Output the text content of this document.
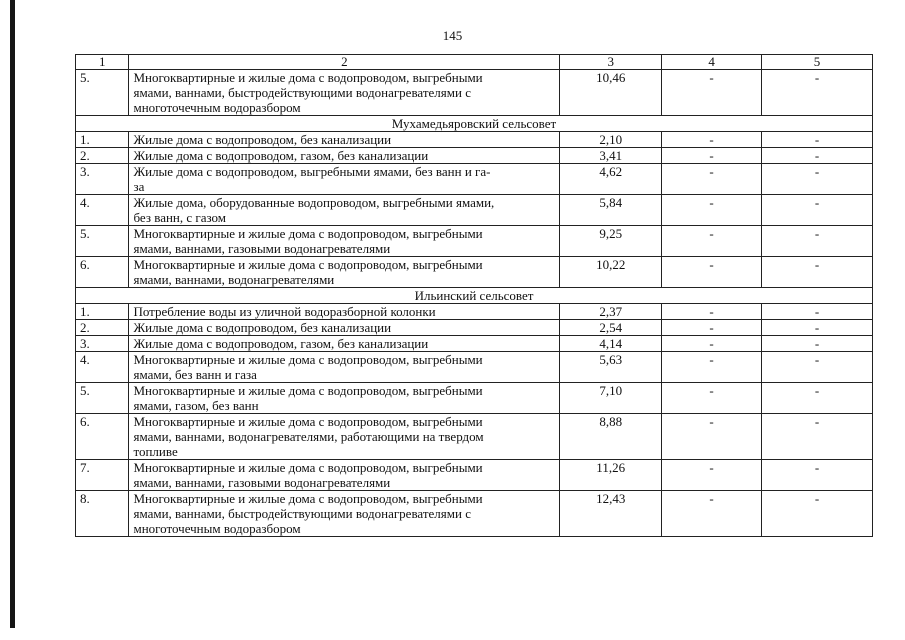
145
1	2	3	4	5
5.	Многоквартирные и жилые дома с водопроводом, выгребными
ямами, ваннами, быстродействующими водонагревателями с
многоточечным водоразбором	10,46	-	-
Мухамедьяровский сельсовет				
1.	Жилые дома с водопроводом, без канализации	2,10	-	-
2.	Жилые дома с водопроводом, газом, без канализации	3,41	-	-
3.	Жилые дома с водопроводом, выгребными ямами, без ванн и га-
за	4,62	-	-
4.	Жилые дома, оборудованные водопроводом, выгребными ямами,
без ванн, с газом	5,84	-	-
5.	Многоквартирные и жилые дома с водопроводом, выгребными
ямами, ваннами, газовыми водонагревателями	9,25	-	-
6.	Многоквартирные и жилые дома с водопроводом, выгребными
ямами, ваннами, водонагревателями	10,22	-	-
Ильинский сельсовет				
1.	Потребление воды из уличной водоразборной колонки	2,37	-	-
2.	Жилые дома с водопроводом, без канализации	2,54	-	-
3.	Жилые дома с водопроводом, газом, без канализации	4,14	-	-
4.	Многоквартирные и жилые дома с водопроводом, выгребными
ямами, без ванн и газа	5,63	-	-
5.	Многоквартирные и жилые дома с водопроводом, выгребными
ямами, газом, без ванн	7,10	-	-
6.	Многоквартирные и жилые дома с водопроводом, выгребными
ямами, ваннами, водонагревателями, работающими на твердом
топливе	8,88	-	-
7.	Многоквартирные и жилые дома с водопроводом, выгребными
ямами, ваннами, газовыми водонагревателями	11,26	-	-
8.	Многоквартирные и жилые дома с водопроводом, выгребными
ямами, ваннами, быстродействующими водонагревателями с
многоточечным водоразбором	12,43	-	-
